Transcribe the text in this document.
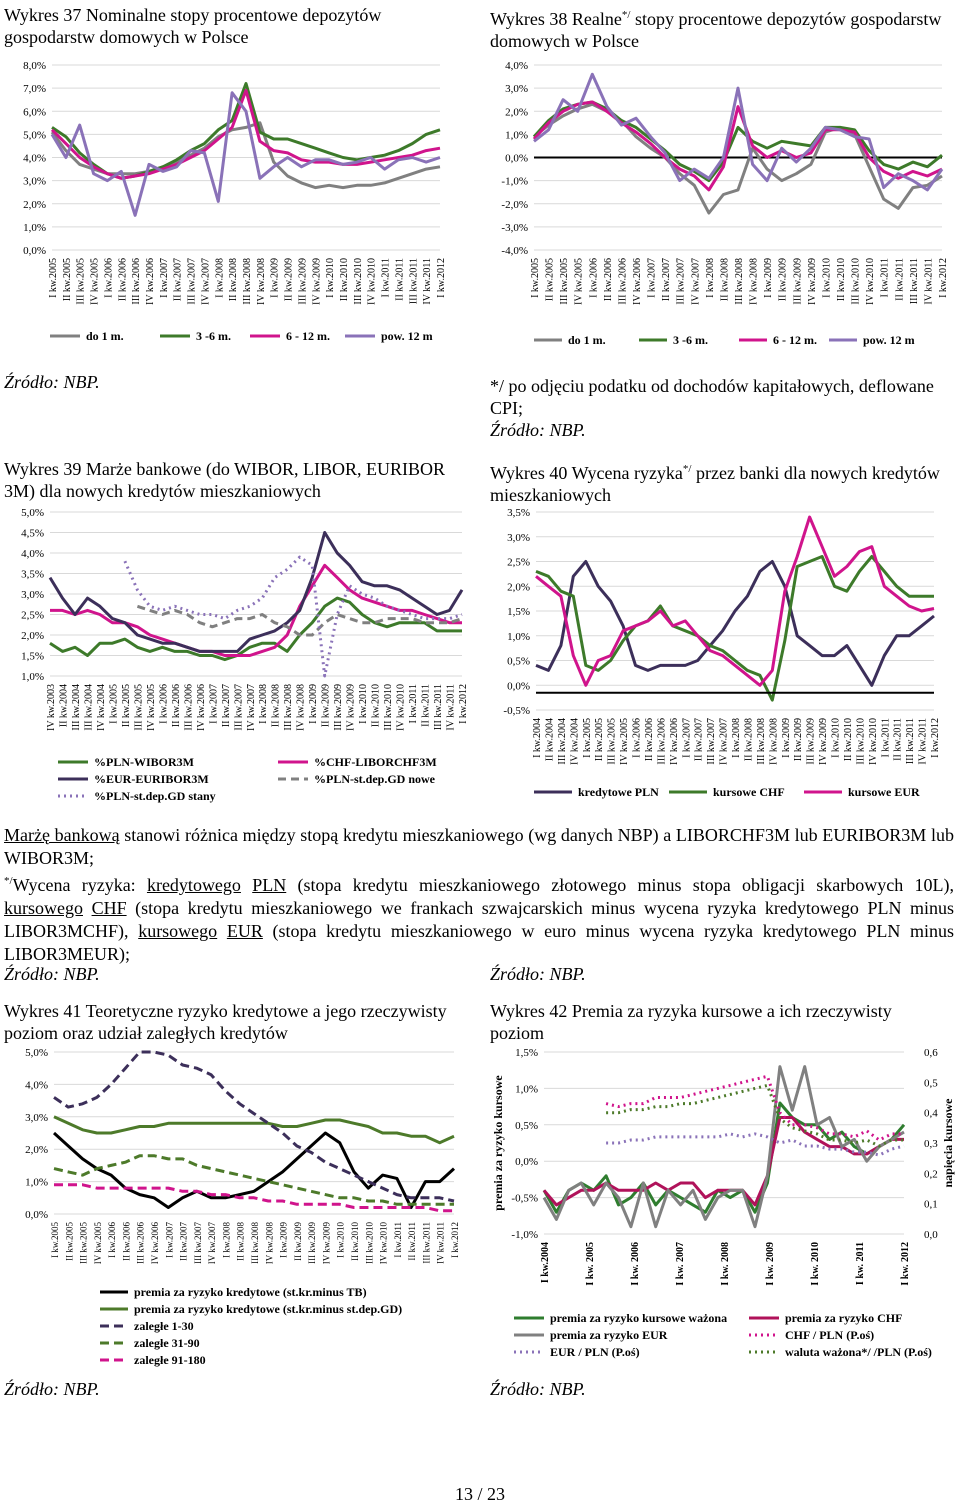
Wykres 37 Nominalne stopy procentowe depozytów gospodarstw domowych w Polsce
Wykres 38 Realne*/ stopy procentowe depozytów gospodarstw domowych w Polsce
8,0%
7,0%
6,0%
5,0%
4,0%
3,0%
2,0%
1,0%
0,0%
I kw.2005 II kw.2005 III kw.2005 IV kw.2005 I kw.2006 II kw.2006 III kw.2006 IV kw.2006 I kw.2007 II kw.2007 III kw.2007 IV kw.2007 I kw.2008 II kw.2008 III kw.2008 IV kw.2008 I kw.2009 II kw.2009 III kw.2009 IV kw.2009 I kw.2010 II kw.2010 III kw.2010 IV kw.2010 I kw.2011 II kw.2011 III kw.2011 IV kw.2011 I kw.2012
do 1 m.	3 -6 m.	6 - 12 m.	pow. 12 m
4,0%
3,0%
2,0%
1,0%
0,0%
-1,0%
-2,0%
-3,0%
-4,0%
I kw.2005 II kw.2005 III kw.2005 IV kw.2005 I kw.2006 II kw.2006 III kw.2006 IV kw.2006 I kw.2007 II kw.2007 III kw.2007 IV kw.2007 I kw.2008 II kw.2008 III kw.2008 IV kw.2008 I kw.2009 II kw.2009 III kw.2009 IV kw.2009 I kw.2010 II kw.2010 III kw.2010 IV kw.2010 I kw.2011 II kw.2011 III kw.2011 IV kw.2011 I kw.2012
do 1 m.	3 -6 m.	6 - 12 m.	pow. 12 m
Źródło: NBP.	*/ po odjęciu podatku od dochodów kapitałowych, deflowane CPI;
Źródło: NBP.
Wykres 39 Marże bankowe (do WIBOR, LIBOR, EURIBOR 3M) dla nowych kredytów mieszkaniowych
Wykres 40 Wycena ryzyka*/ przez banki dla nowych kredytów mieszkaniowych
5,0%
4,5%
4,0%
3,5%
3,0%
2,5%
2,0%
1,5%
1,0%
IV kw.2003 II kw.2004 III kw.2004 III kw.2004 IV kw.2004 I kw.2005 II kw.2005 III kw.2005 IV kw.2005 I kw.2006 II kw.2006 III kw.2006 IV kw.2006 I kw.2007 II kw.2007 III kw.2007 IV kw.2007 I kw.2008 II kw.2008 III kw.2008 IV kw.2008 I kw.2009 II kw.2009 III kw.2009 IV kw.2009 I kw.2010 II kw.2010 III kw.2010 IV kw.2010 I kw.2011 II kw.2011 III kw.2011 IV kw.2011 I kw.2012
%PLN-WIBOR3M	%CHF-LIBORCHF3M
%EUR-EURIBOR3M	%PLN-st.dep.GD nowe
%PLN-st.dep.GD stany
3,5%
3,0%
2,5%
2,0%
1,5%
1,0%
0,5%
0,0%
-0,5%
I kw.2004 II kw.2004 III kw.2004 IV kw.2004 I kw.2005 II kw.2005 III kw.2005 IV kw.2005 I kw.2006 II kw.2006 III kw.2006 IV kw.2006 I kw.2007 II kw.2007 III kw.2007 IV kw.2007 I kw.2008 II kw.2008 III kw.2008 IV kw.2008 I kw.2009 II kw.2009 III kw.2009 IV kw.2009 I kw.2010 II kw.2010 III kw.2010 IV kw.2010 I kw.2011 II kw.2011 III kw.2011 IV kw.2011 I kw.2012
kredytowe PLN	kursowe CHF	kursowe EUR
Marżę bankową stanowi różnica między stopą kredytu mieszkaniowego (wg danych NBP) a LIBORCHF3M lub EURIBOR3M lub WIBOR3M;
*/Wycena ryzyka: kredytowego PLN (stopa kredytu mieszkaniowego złotowego minus stopa obligacji skarbowych 10L), kursowego CHF (stopa kredytu mieszkaniowego we frankach szwajcarskich minus wycena ryzyka kredytowego PLN minus LIBOR3MCHF), kursowego EUR (stopa kredytu mieszkaniowego w euro minus wycena ryzyka kredytowego PLN minus LIBOR3MEUR);
Źródło: NBP.	Źródło: NBP.
Wykres 41 Teoretyczne ryzyko kredytowe a jego rzeczywisty poziom oraz udział zaległych kredytów
Wykres 42 Premia za ryzyka kursowe a ich rzeczywisty poziom
5,0%
4,0%
3,0%
2,0%
1,0%
0,0%
I kw.2005 II kw.2005 III kw.2005 IV kw.2005 I kw.2006 II kw.2006 III kw.2006 IV kw.2006 I kw.2007 II kw.2007 III kw.2007 IV kw.2007 I kw.2008 II kw.2008 III kw.2008 IV kw.2008 I kw.2009 II kw.2009 III kw.2009 IV kw.2009 I kw.2010 II kw.2010 III kw.2010 IV kw.2010 I kw.2011 II kw.2011 III kw.2011 IV kw.2011 I kw.2012
premia za ryzyko kredytowe (st.kr.minus TB)
premia za ryzyko kredytowe (st.kr.minus st.dep.GD)
zaległe 1-30
zaległe 31-90
zaległe 91-180
1,5%
1,0%
0,5%
0,0%
-0,5%
-1,0%
0,6
0,5
0,4
0,3
0,2
0,1
0,0
premia za ryzyko kursowe	napięcia kursowe
I kw.2004	I kw. 2005	I kw. 2006	I kw. 2007	I kw. 2008	I kw. 2009	I kw. 2010	I kw. 2011	I kw. 2012
premia za ryzyko kursowe ważona	premia za ryzyko CHF
premia za ryzyko EUR	CHF / PLN (P.oś)
EUR / PLN (P.oś)	waluta ważona*/ /PLN (P.oś)
Źródło: NBP.	Źródło: NBP.
13 / 23
